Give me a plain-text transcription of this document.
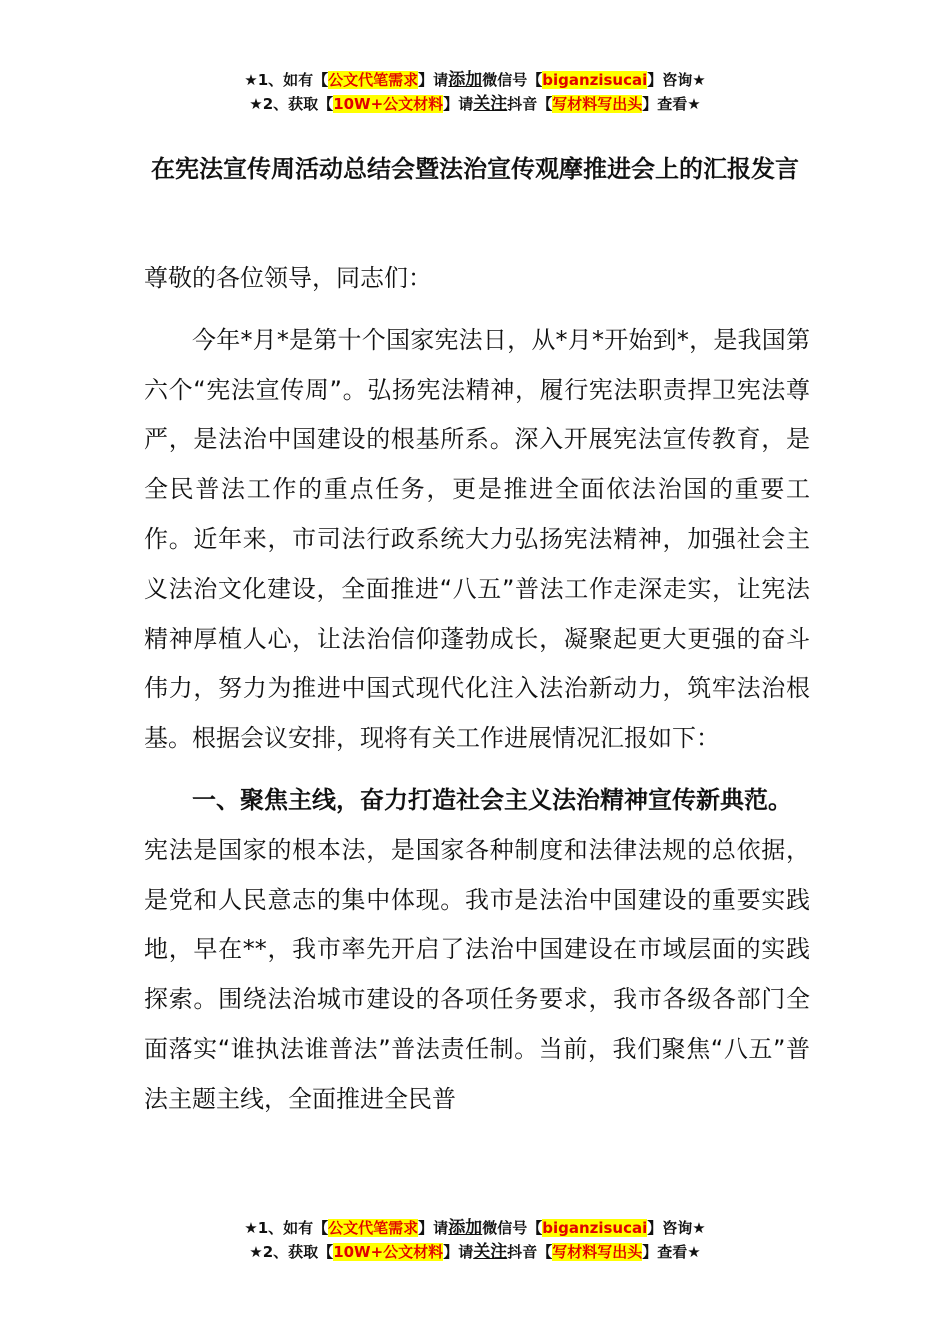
★1、如有【公文代笔需求】请添加微信号【biganzisucai】咨询★
★2、获取【10W+公文材料】请关注抖音【写材料写出头】查看★
在宪法宣传周活动总结会暨法治宣传观摩推进会上的汇报发言

尊敬的各位领导，同志们：

今年*月*是第十个国家宪法日，从*月*开始到*，是我国第六个“宪法宣传周”。弘扬宪法精神，履行宪法职责捍卫宪法尊严，是法治中国建设的根基所系。深入开展宪法宣传教育，是全民普法工作的重点任务，更是推进全面依法治国的重要工作。近年来，市司法行政系统大力弘扬宪法精神，加强社会主义法治文化建设，全面推进“八五”普法工作走深走实，让宪法精神厚植人心，让法治信仰蓬勃成长，凝聚起更大更强的奋斗伟力，努力为推进中国式现代化注入法治新动力，筑牢法治根基。根据会议安排，现将有关工作进展情况汇报如下：

一、聚焦主线，奋力打造社会主义法治精神宣传新典范。

宪法是国家的根本法，是国家各种制度和法律法规的总依据，是党和人民意志的集中体现。我市是法治中国建设的重要实践地，早在**，我市率先开启了法治中国建设在市域层面的实践探索。围绕法治城市建设的各项任务要求，我市各级各部门全面落实“谁执法谁普法”普法责任制。当前，我们聚焦“八五”普法主题主线，全面推进全民普

★1、如有【公文代笔需求】请添加微信号【biganzisucai】咨询★
★2、获取【10W+公文材料】请关注抖音【写材料写出头】查看★
